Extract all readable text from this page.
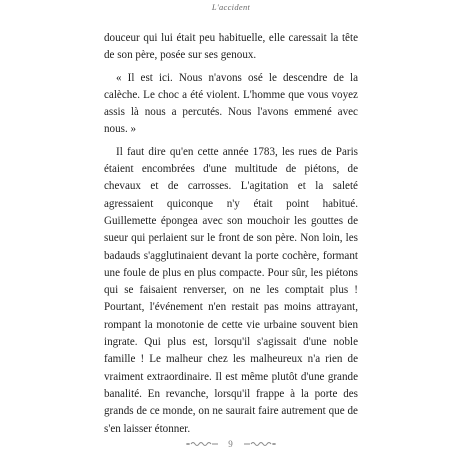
L'accident

douceur qui lui était peu habituelle, elle caressait la tête de son père, posée sur ses genoux.

« Il est ici. Nous n'avons osé le descendre de la calèche. Le choc a été violent. L'homme que vous voyez assis là nous a percutés. Nous l'avons emmené avec nous. »

Il faut dire qu'en cette année 1783, les rues de Paris étaient encombrées d'une multitude de piétons, de chevaux et de carrosses. L'agitation et la saleté agressaient quiconque n'y était point habitué. Guillemette épongea avec son mouchoir les gouttes de sueur qui perlaient sur le front de son père. Non loin, les badauds s'agglutinaient devant la porte cochère, formant une foule de plus en plus compacte. Pour sûr, les piétons qui se faisaient renverser, on ne les comptait plus ! Pourtant, l'événement n'en restait pas moins attrayant, rompant la monotonie de cette vie urbaine souvent bien ingrate. Qui plus est, lorsqu'il s'agissait d'une noble famille ! Le malheur chez les malheureux n'a rien de vraiment extraordinaire. Il est même plutôt d'une grande banalité. En revanche, lorsqu'il frappe à la porte des grands de ce monde, on ne saurait faire autrement que de s'en laisser étonner.

9
